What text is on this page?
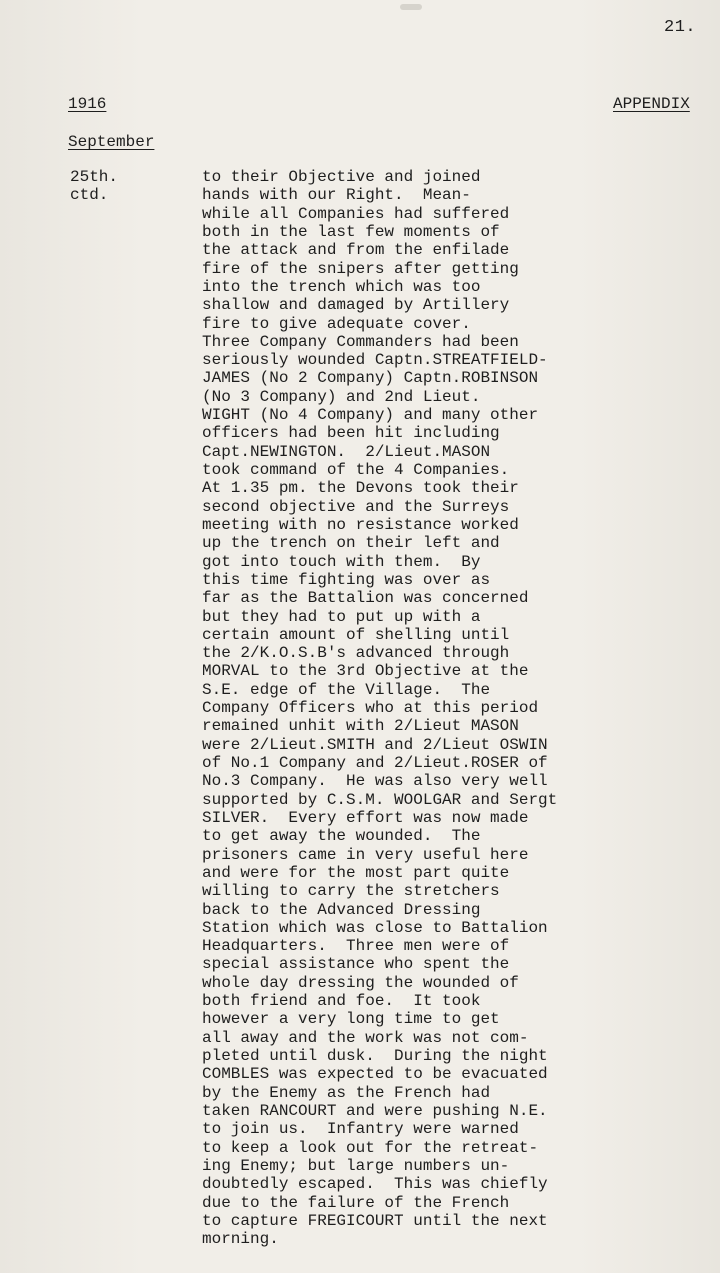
21.
1916	APPENDIX
September
25th.
ctd.
to their Objective and joined
hands with our Right.  Mean-
while all Companies had suffered
both in the last few moments of
the attack and from the enfilade
fire of the snipers after getting
into the trench which was too
shallow and damaged by Artillery
fire to give adequate cover.
Three Company Commanders had been
seriously wounded Captn.STREATFIELD-
JAMES (No 2 Company) Captn.ROBINSON
(No 3 Company) and 2nd Lieut.
WIGHT (No 4 Company) and many other
officers had been hit including
Capt.NEWINGTON.  2/Lieut.MASON
took command of the 4 Companies.
At 1.35 pm. the Devons took their
second objective and the Surreys
meeting with no resistance worked
up the trench on their left and
got into touch with them.  By
this time fighting was over as
far as the Battalion was concerned
but they had to put up with a
certain amount of shelling until
the 2/K.O.S.B's advanced through
MORVAL to the 3rd Objective at the
S.E. edge of the Village.  The
Company Officers who at this period
remained unhit with 2/Lieut MASON
were 2/Lieut.SMITH and 2/Lieut OSWIN
of No.1 Company and 2/Lieut.ROSER of
No.3 Company.  He was also very well
supported by C.S.M. WOOLGAR and Sergt
SILVER.  Every effort was now made
to get away the wounded.  The
prisoners came in very useful here
and were for the most part quite
willing to carry the stretchers
back to the Advanced Dressing
Station which was close to Battalion
Headquarters.  Three men were of
special assistance who spent the
whole day dressing the wounded of
both friend and foe.  It took
however a very long time to get
all away and the work was not com-
pleted until dusk.  During the night
COMBLES was expected to be evacuated
by the Enemy as the French had
taken RANCOURT and were pushing N.E.
to join us.  Infantry were warned
to keep a look out for the retreat-
ing Enemy; but large numbers un-
doubtedly escaped.  This was chiefly
due to the failure of the French
to capture FREGICOURT until the next
morning.
